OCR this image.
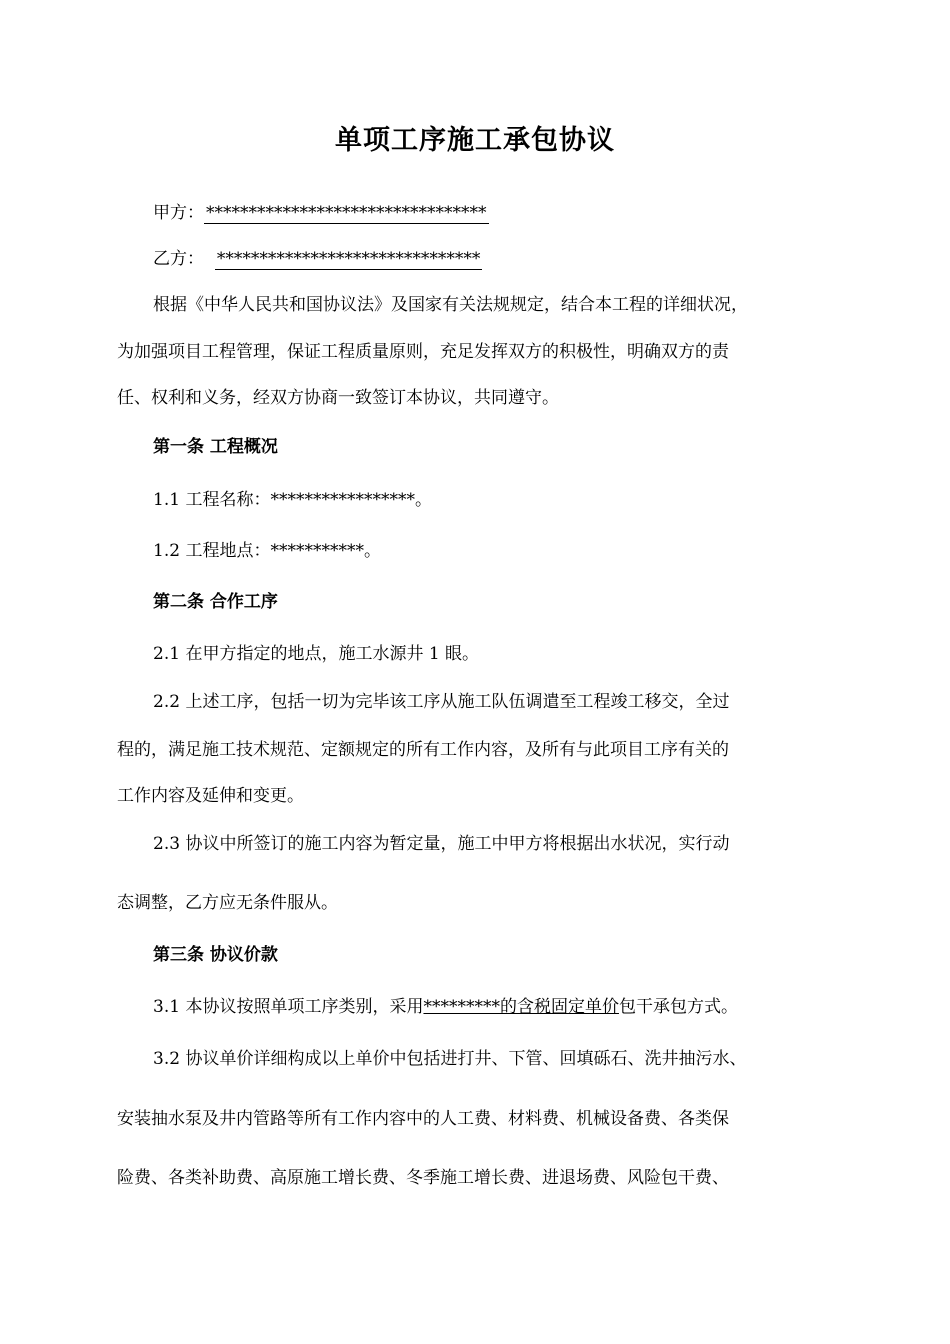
单项工序施工承包协议
甲方： *********************************
乙方： *******************************
根据《中华人民共和国协议法》及国家有关法规规定，结合本工程的详细状况，
为加强项目工程管理，保证工程质量原则，充足发挥双方的积极性，明确双方的责
任、权利和义务，经双方协商一致签订本协议，共同遵守。
第一条 工程概况
1.1 工程名称：*****************。
1.2 工程地点：***********。
第二条 合作工序
2.1 在甲方指定的地点，施工水源井 1 眼。
2.2 上述工序，包括一切为完毕该工序从施工队伍调遣至工程竣工移交，全过
程的，满足施工技术规范、定额规定的所有工作内容，及所有与此项目工序有关的
工作内容及延伸和变更。
2.3 协议中所签订的施工内容为暂定量，施工中甲方将根据出水状况，实行动
态调整，乙方应无条件服从。
第三条 协议价款
3.1 本协议按照单项工序类别，采用*********的含税固定单价包干承包方式。
3.2 协议单价详细构成以上单价中包括进打井、下管、回填砾石、洗井抽污水、
安装抽水泵及井内管路等所有工作内容中的人工费、材料费、机械设备费、各类保
险费、各类补助费、高原施工增长费、冬季施工增长费、进退场费、风险包干费、
